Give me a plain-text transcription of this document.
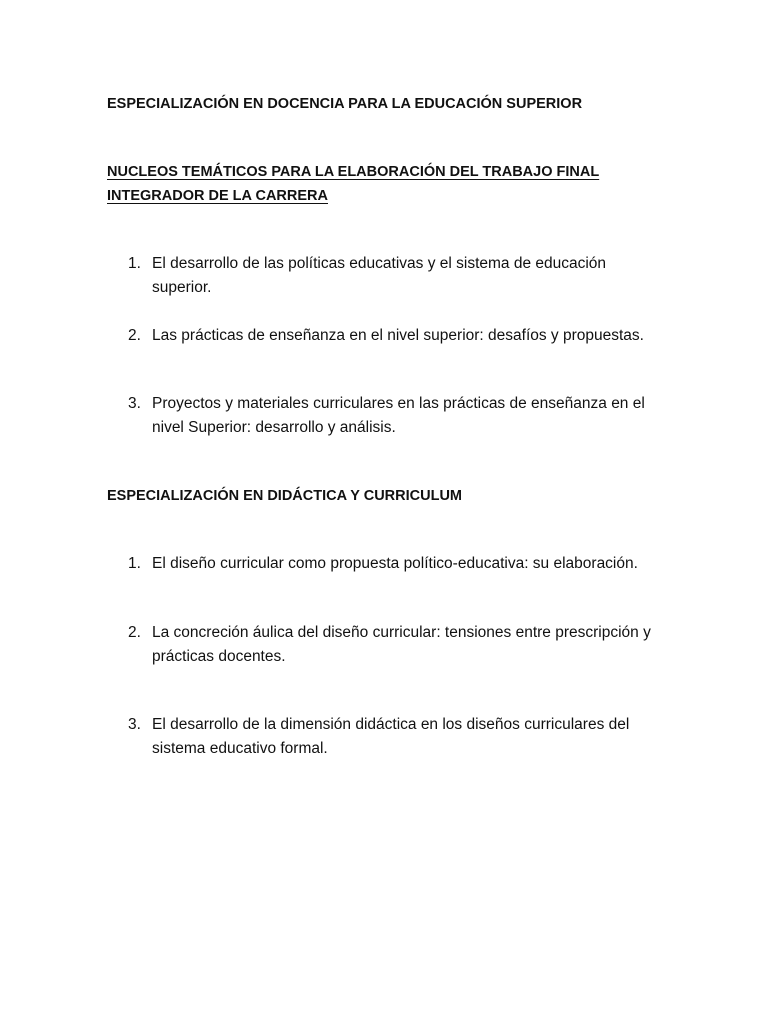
ESPECIALIZACIÓN EN DOCENCIA PARA LA EDUCACIÓN SUPERIOR
NUCLEOS TEMÁTICOS PARA LA ELABORACIÓN DEL TRABAJO FINAL INTEGRADOR DE LA CARRERA

1. El desarrollo de las políticas educativas y el sistema de educación superior.

2. Las prácticas de enseñanza en el nivel superior: desafíos y propuestas.

3. Proyectos y materiales curriculares en las prácticas de enseñanza en el nivel Superior: desarrollo y análisis.

ESPECIALIZACIÓN EN DIDÁCTICA Y CURRICULUM

1. El diseño curricular como propuesta político-educativa: su elaboración.

2. La concreción áulica del diseño curricular: tensiones entre prescripción y prácticas docentes.

3. El desarrollo de la dimensión didáctica en los diseños curriculares del sistema educativo formal.
